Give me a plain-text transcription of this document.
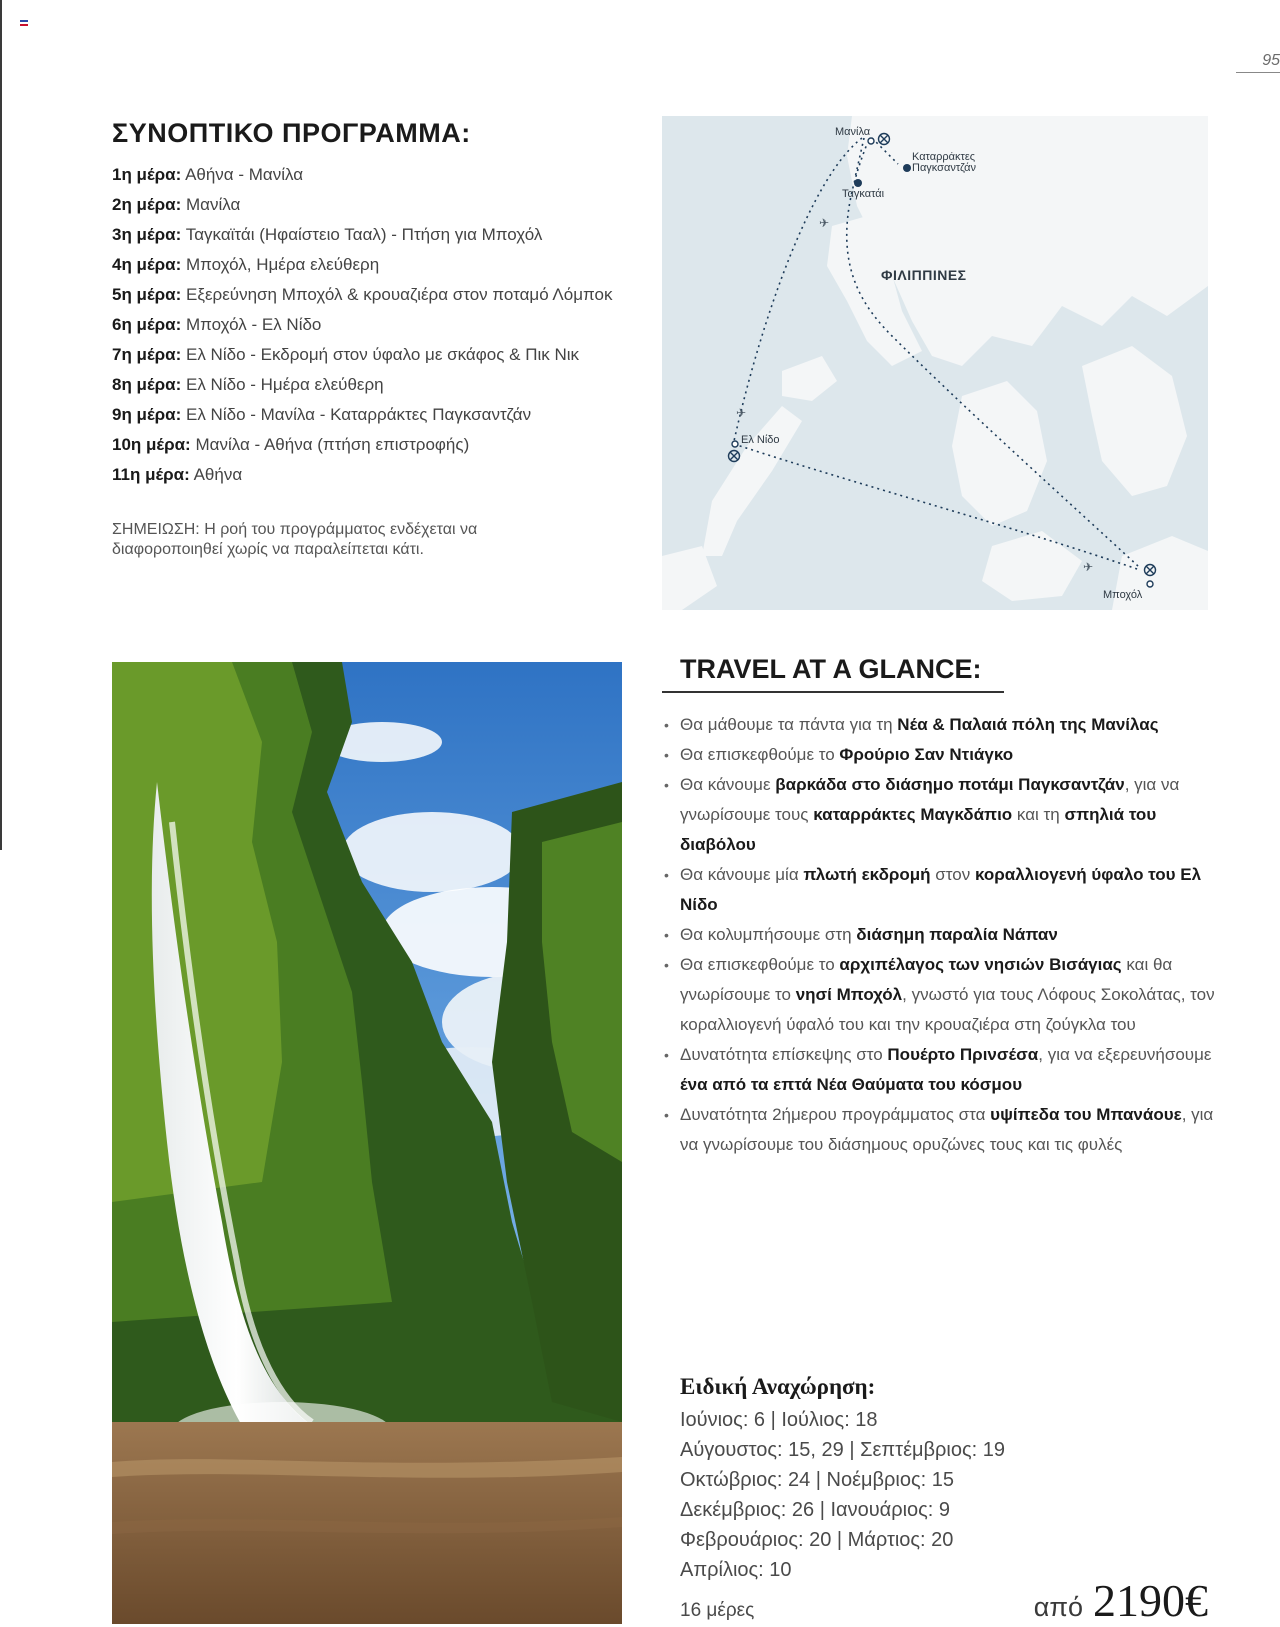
95
ΣΥΝΟΠΤΙΚΟ ΠΡΟΓΡΑΜΜΑ:
1η μέρα: Αθήνα - Μανίλα
2η μέρα: Μανίλα
3η μέρα: Ταγκαϊτάι (Ηφαίστειο Τααλ) - Πτήση για Μποχόλ
4η μέρα: Μποχόλ, Ημέρα ελεύθερη
5η μέρα: Εξερεύνηση Μποχόλ & κρουαζιέρα στον ποταμό Λόμποκ
6η μέρα: Μποχόλ - Ελ Νίδο
7η μέρα: Ελ Νίδο - Εκδρομή στον ύφαλο με σκάφος & Πικ Νικ
8η μέρα: Ελ Νίδο - Ημέρα ελεύθερη
9η μέρα: Ελ Νίδο - Μανίλα - Καταρράκτες Παγκσαντζάν
10η μέρα: Μανίλα - Αθήνα (πτήση επιστροφής)
11η μέρα: Αθήνα

ΣΗΜΕΙΩΣΗ: Η ροή του προγράμματος ενδέχεται να διαφοροποιηθεί χωρίς να παραλείπεται κάτι.

✈
✈
✈
Μανίλα
Καταρράκτες Παγκσαντζάν
Ταγκατάι
ΦΙΛΙΠΠΙΝΕΣ
Ελ Νίδο
Μποχόλ
TRAVEL AT A GLANCE:
• Θα μάθουμε τα πάντα για τη Νέα & Παλαιά πόλη της Μανίλας
• Θα επισκεφθούμε το Φρούριο Σαν Ντιάγκο
• Θα κάνουμε βαρκάδα στο διάσημο ποτάμι Παγκσαντζάν, για να γνωρίσουμε τους καταρράκτες Μαγκδάπιο και τη σπηλιά του διαβόλου
• Θα κάνουμε μία πλωτή εκδρομή στον κοραλλιογενή ύφαλο του Ελ Νίδο
• Θα κολυμπήσουμε στη διάσημη παραλία Νάπαν
• Θα επισκεφθούμε το αρχιπέλαγος των νησιών Βισάγιας και θα γνωρίσουμε το νησί Μποχόλ, γνωστό για τους Λόφους Σοκολάτας, τον κοραλλιογενή ύφαλό του και την κρουαζιέρα στη ζούγκλα του
• Δυνατότητα επίσκεψης στο Πουέρτο Πρινσέσα, για να εξερευνήσουμε ένα από τα επτά Νέα Θαύματα του κόσμου
• Δυνατότητα 2ήμερου προγράμματος στα υψίπεδα του Μπανάουε, για να γνωρίσουμε του διάσημους ορυζώνες τους και τις φυλές
Ειδική Αναχώρηση:
Ιούνιος: 6 | Ιούλιος: 18
Αύγουστος: 15, 29 | Σεπτέμβριος: 19
Οκτώβριος: 24 | Νοέμβριος: 15
Δεκέμβριος: 26 | Ιανουάριος: 9
Φεβρουάριος: 20 | Μάρτιος: 20
Απρίλιος: 10
16 μέρες	από 2190€
